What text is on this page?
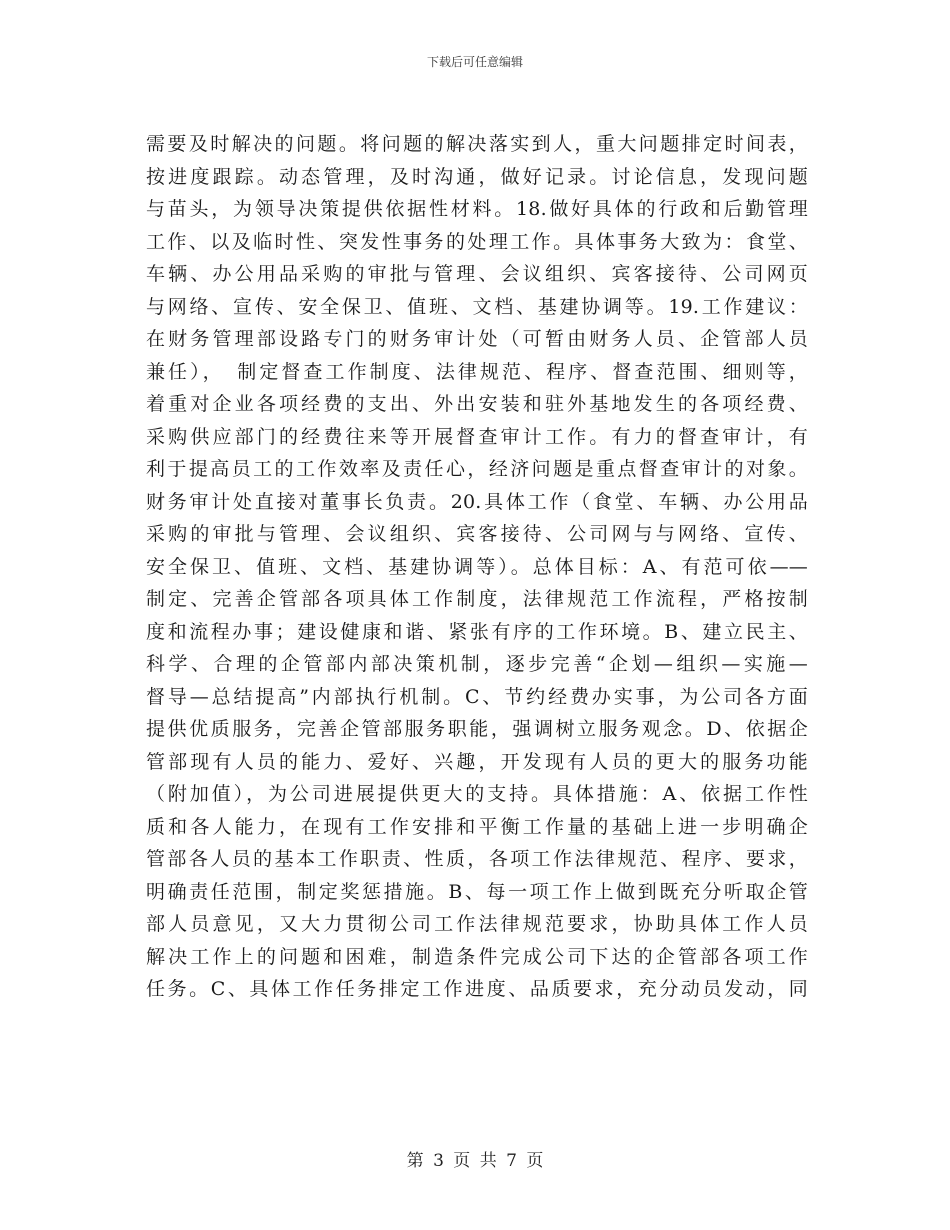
下载后可任意编辑
需要及时解决的问题。将问题的解决落实到人，重大问题排定时间表，
按进度跟踪。动态管理，及时沟通，做好记录。讨论信息，发现问题
与苗头，为领导决策提供依据性材料。18.做好具体的行政和后勤管理
工作、以及临时性、突发性事务的处理工作。具体事务大致为：食堂、
车辆、办公用品采购的审批与管理、会议组织、宾客接待、公司网页
与网络、宣传、安全保卫、值班、文档、基建协调等。19.工作建议：
在财务管理部设路专门的财务审计处（可暂由财务人员、企管部人员
兼任），　制定督查工作制度、法律规范、程序、督查范围、细则等，
着重对企业各项经费的支出、外出安装和驻外基地发生的各项经费、
采购供应部门的经费往来等开展督查审计工作。有力的督查审计，有
利于提高员工的工作效率及责任心，经济问题是重点督查审计的对象。
财务审计处直接对董事长负责。20.具体工作（食堂、车辆、办公用品
采购的审批与管理、会议组织、宾客接待、公司网与与网络、宣传、
安全保卫、值班、文档、基建协调等）。总体目标：A、有范可依——
制定、完善企管部各项具体工作制度，法律规范工作流程，严格按制
度和流程办事；建设健康和谐、紧张有序的工作环境。B、建立民主、
科学、合理的企管部内部决策机制，逐步完善“企划—组织—实施—
督导—总结提高”内部执行机制。C、节约经费办实事，为公司各方面
提供优质服务，完善企管部服务职能，强调树立服务观念。D、依据企
管部现有人员的能力、爱好、兴趣，开发现有人员的更大的服务功能
（附加值），为公司进展提供更大的支持。具体措施：A、依据工作性
质和各人能力，在现有工作安排和平衡工作量的基础上进一步明确企
管部各人员的基本工作职责、性质，各项工作法律规范、程序、要求，
明确责任范围，制定奖惩措施。B、每一项工作上做到既充分听取企管
部人员意见，又大力贯彻公司工作法律规范要求，协助具体工作人员
解决工作上的问题和困难，制造条件完成公司下达的企管部各项工作
任务。C、具体工作任务排定工作进度、品质要求，充分动员发动，同
第 3 页 共 7 页
